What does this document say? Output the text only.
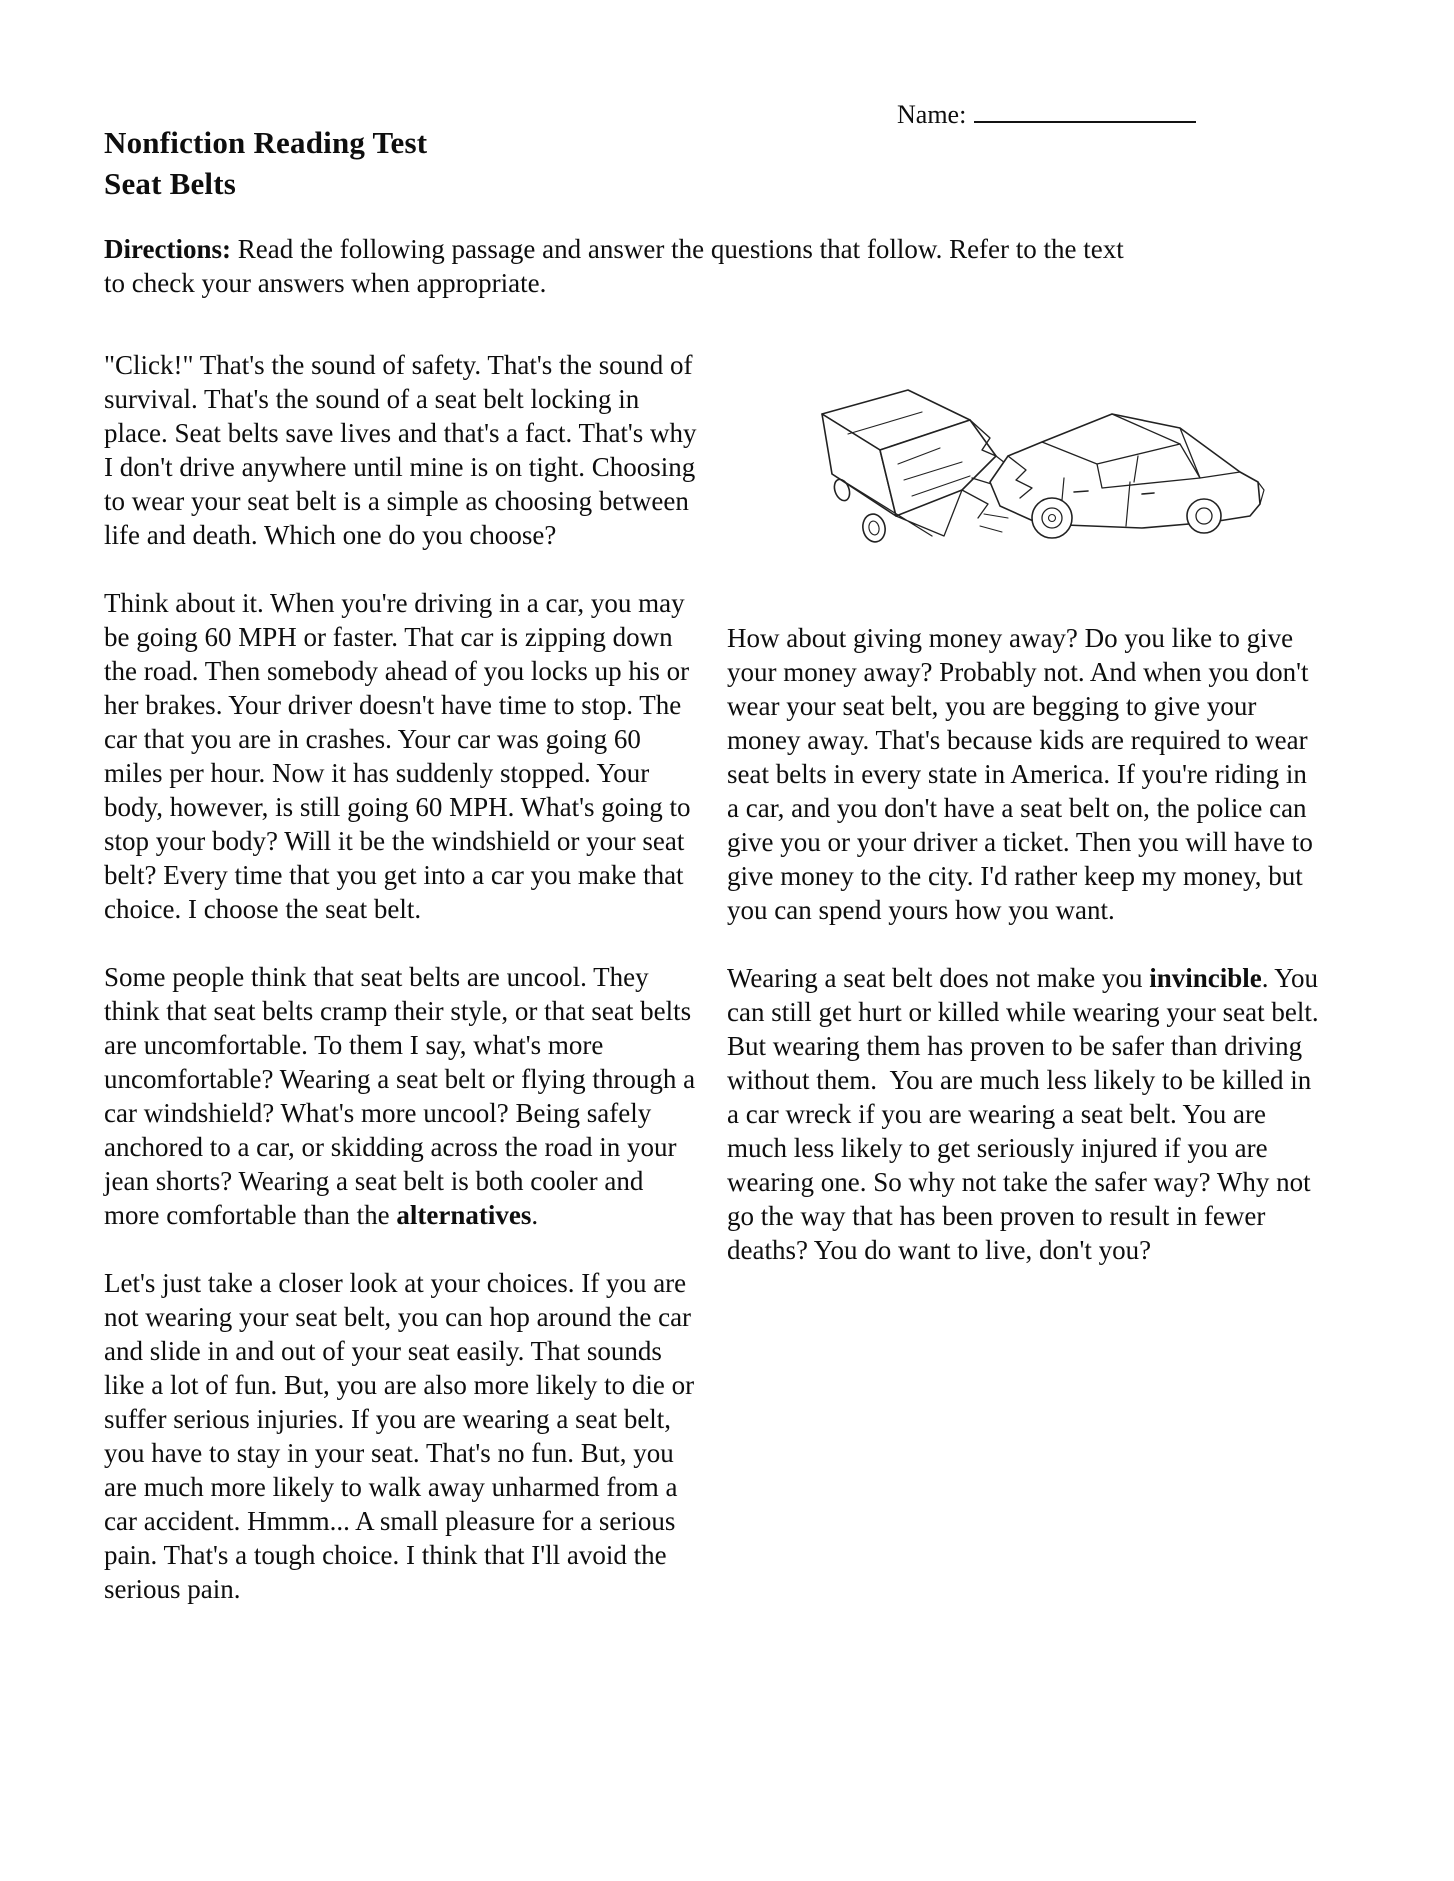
Name:
Nonfiction Reading Test
Seat Belts

Directions: Read the following passage and answer the questions that follow. Refer to the text
to check your answers when appropriate.

"Click!" That's the sound of safety. That's the sound of survival. That's the sound of a seat belt locking in place. Seat belts save lives and that's a fact. That's why I don't drive anywhere until mine is on tight. Choosing to wear your seat belt is a simple as choosing between life and death. Which one do you choose?

Think about it. When you're driving in a car, you may be going 60 MPH or faster. That car is zipping down the road. Then somebody ahead of you locks up his or her brakes. Your driver doesn't have time to stop. The car that you are in crashes. Your car was going 60 miles per hour. Now it has suddenly stopped. Your body, however, is still going 60 MPH. What's going to stop your body? Will it be the windshield or your seat belt? Every time that you get into a car you make that choice. I choose the seat belt.

Some people think that seat belts are uncool. They think that seat belts cramp their style, or that seat belts are uncomfortable. To them I say, what's more uncomfortable? Wearing a seat belt or flying through a car windshield? What's more uncool? Being safely anchored to a car, or skidding across the road in your jean shorts? Wearing a seat belt is both cooler and more comfortable than the alternatives.

Let's just take a closer look at your choices. If you are not wearing your seat belt, you can hop around the car and slide in and out of your seat easily. That sounds like a lot of fun. But, you are also more likely to die or suffer serious injuries. If you are wearing a seat belt, you have to stay in your seat. That's no fun. But, you are much more likely to walk away unharmed from a car accident. Hmmm... A small pleasure for a serious pain. That's a tough choice. I think that I'll avoid the serious pain.

How about giving money away? Do you like to give your money away? Probably not. And when you don't wear your seat belt, you are begging to give your money away. That's because kids are required to wear seat belts in every state in America. If you're riding in a car, and you don't have a seat belt on, the police can give you or your driver a ticket. Then you will have to give money to the city. I'd rather keep my money, but you can spend yours how you want.

Wearing a seat belt does not make you invincible. You can still get hurt or killed while wearing your seat belt. But wearing them has proven to be safer than driving without them.  You are much less likely to be killed in a car wreck if you are wearing a seat belt. You are much less likely to get seriously injured if you are wearing one. So why not take the safer way? Why not go the way that has been proven to result in fewer deaths? You do want to live, don't you?
